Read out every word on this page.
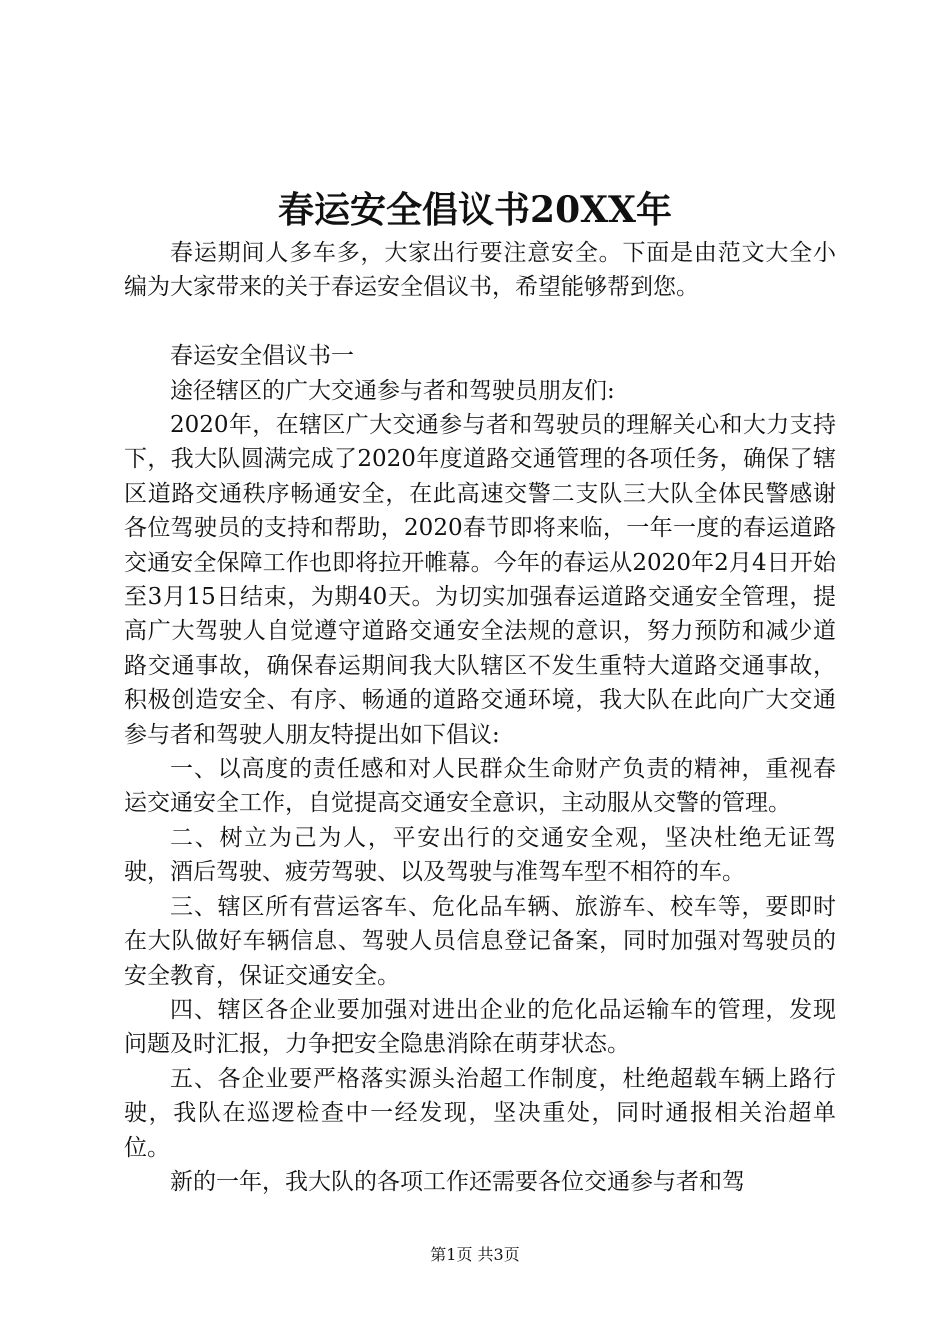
春运安全倡议书20XX年

春运期间人多车多，大家出行要注意安全。下面是由范文大全小编为大家带来的关于春运安全倡议书，希望能够帮到您。

春运安全倡议书一

途径辖区的广大交通参与者和驾驶员朋友们:

2020年，在辖区广大交通参与者和驾驶员的理解关心和大力支持下，我大队圆满完成了2020年度道路交通管理的各项任务，确保了辖区道路交通秩序畅通安全，在此高速交警二支队三大队全体民警感谢各位驾驶员的支持和帮助，2020春节即将来临，一年一度的春运道路交通安全保障工作也即将拉开帷幕。今年的春运从2020年2月4日开始至3月15日结束，为期40天。为切实加强春运道路交通安全管理，提高广大驾驶人自觉遵守道路交通安全法规的意识，努力预防和减少道路交通事故，确保春运期间我大队辖区不发生重特大道路交通事故，积极创造安全、有序、畅通的道路交通环境，我大队在此向广大交通参与者和驾驶人朋友特提出如下倡议:

一、以高度的责任感和对人民群众生命财产负责的精神，重视春运交通安全工作，自觉提高交通安全意识，主动服从交警的管理。

二、树立为己为人，平安出行的交通安全观，坚决杜绝无证驾驶，酒后驾驶、疲劳驾驶、以及驾驶与准驾车型不相符的车。

三、辖区所有营运客车、危化品车辆、旅游车、校车等，要即时在大队做好车辆信息、驾驶人员信息登记备案，同时加强对驾驶员的安全教育，保证交通安全。

四、辖区各企业要加强对进出企业的危化品运输车的管理，发现问题及时汇报，力争把安全隐患消除在萌芽状态。

五、各企业要严格落实源头治超工作制度，杜绝超载车辆上路行驶，我队在巡逻检查中一经发现，坚决重处，同时通报相关治超单位。

新的一年，我大队的各项工作还需要各位交通参与者和驾

第1页 共3页
